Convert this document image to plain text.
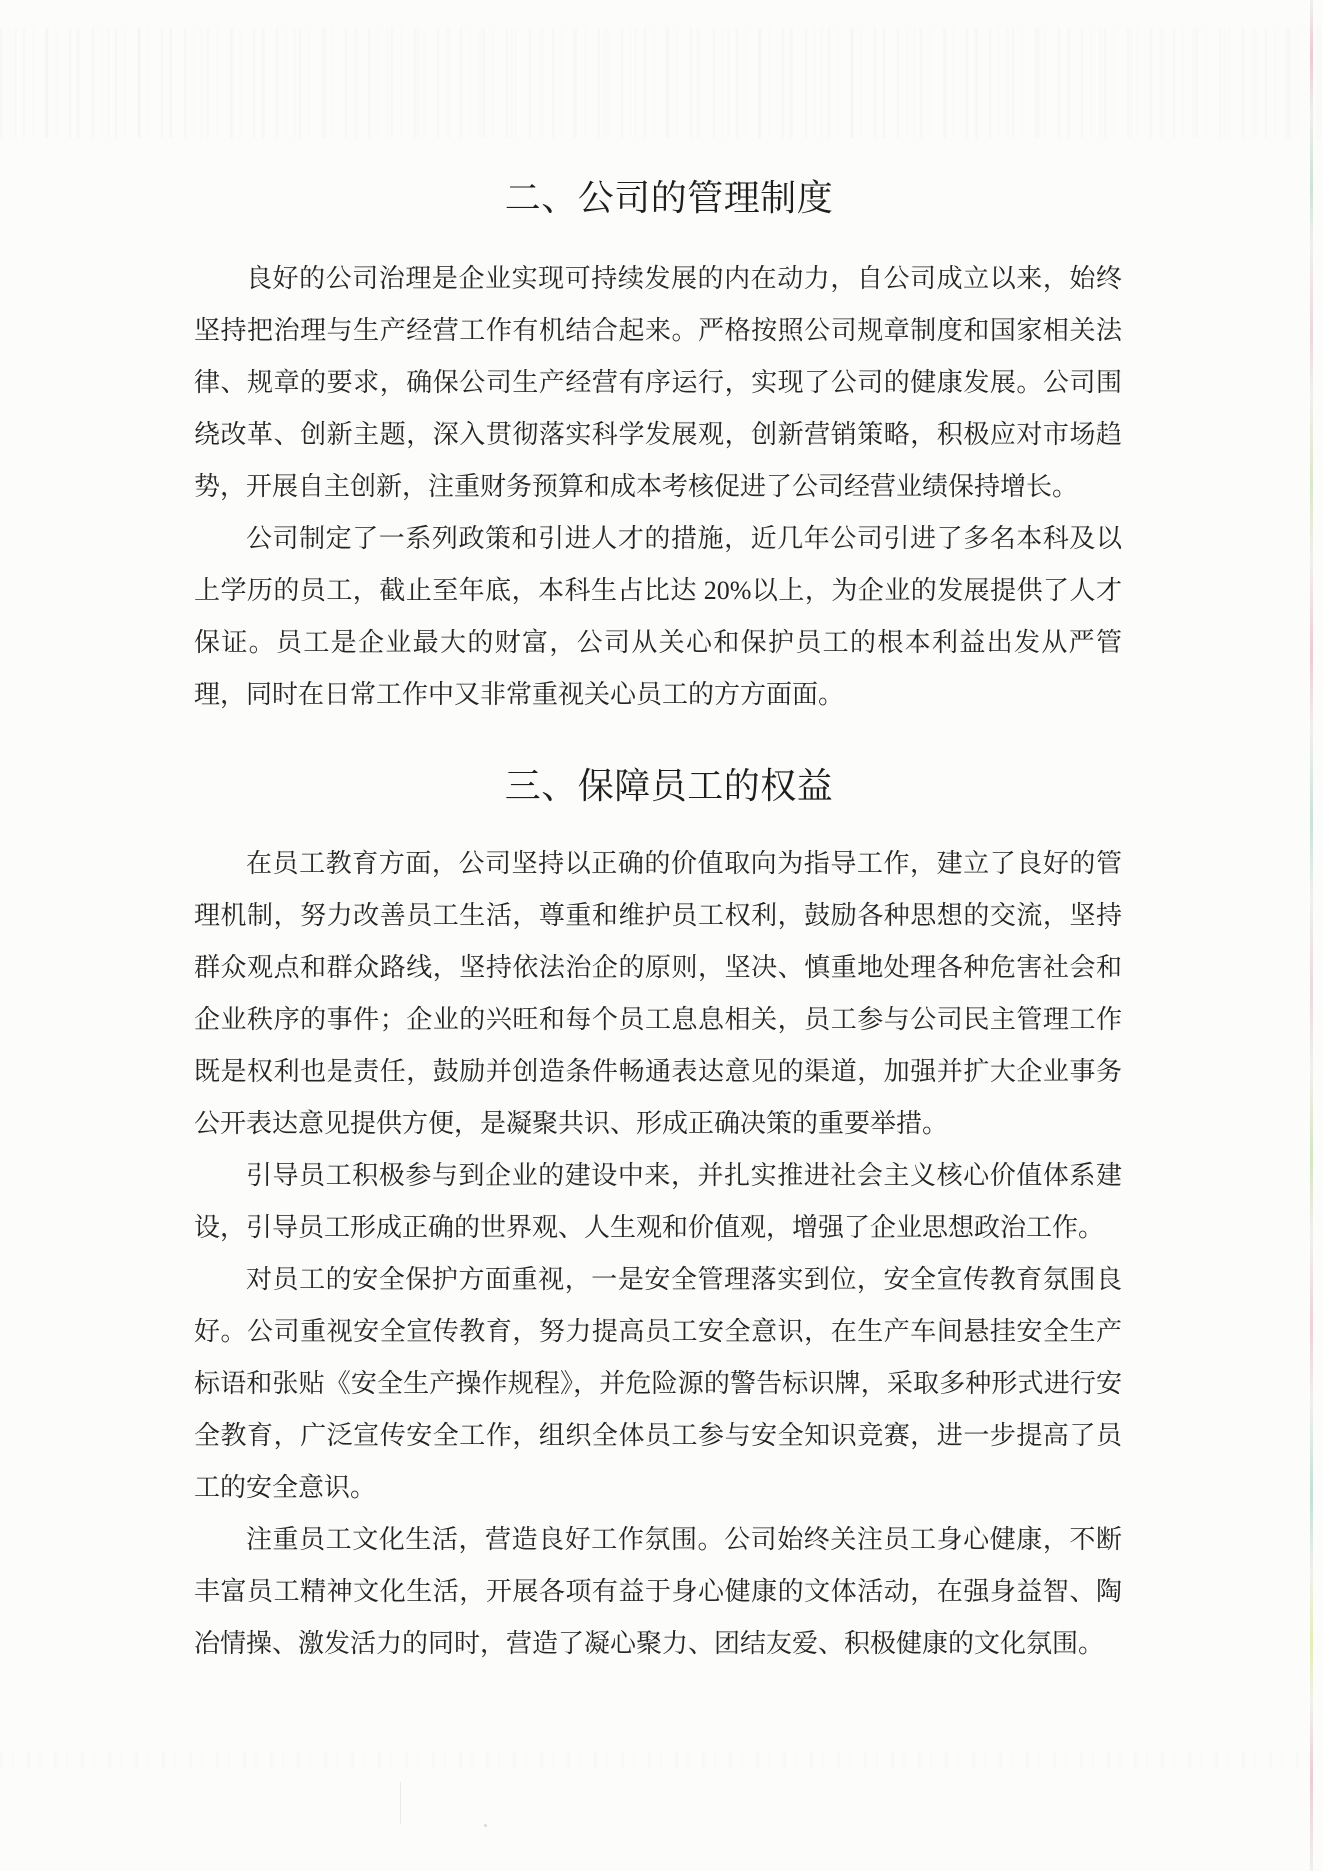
二、公司的管理制度

良好的公司治理是企业实现可持续发展的内在动力，自公司成立以来，始终坚持把治理与生产经营工作有机结合起来。严格按照公司规章制度和国家相关法律、规章的要求，确保公司生产经营有序运行，实现了公司的健康发展。公司围绕改革、创新主题，深入贯彻落实科学发展观，创新营销策略，积极应对市场趋势，开展自主创新，注重财务预算和成本考核促进了公司经营业绩保持增长。

公司制定了一系列政策和引进人才的措施，近几年公司引进了多名本科及以上学历的员工，截止至年底，本科生占比达 20%以上，为企业的发展提供了人才保证。员工是企业最大的财富，公司从关心和保护员工的根本利益出发从严管理，同时在日常工作中又非常重视关心员工的方方面面。

三、保障员工的权益

在员工教育方面，公司坚持以正确的价值取向为指导工作，建立了良好的管理机制，努力改善员工生活，尊重和维护员工权利，鼓励各种思想的交流，坚持群众观点和群众路线，坚持依法治企的原则，坚决、慎重地处理各种危害社会和企业秩序的事件；企业的兴旺和每个员工息息相关，员工参与公司民主管理工作既是权利也是责任，鼓励并创造条件畅通表达意见的渠道，加强并扩大企业事务公开表达意见提供方便，是凝聚共识、形成正确决策的重要举措。

引导员工积极参与到企业的建设中来，并扎实推进社会主义核心价值体系建设，引导员工形成正确的世界观、人生观和价值观，增强了企业思想政治工作。

对员工的安全保护方面重视，一是安全管理落实到位，安全宣传教育氛围良好。公司重视安全宣传教育，努力提高员工安全意识，在生产车间悬挂安全生产标语和张贴《安全生产操作规程》，并危险源的警告标识牌，采取多种形式进行安全教育，广泛宣传安全工作，组织全体员工参与安全知识竞赛，进一步提高了员工的安全意识。

注重员工文化生活，营造良好工作氛围。公司始终关注员工身心健康，不断丰富员工精神文化生活，开展各项有益于身心健康的文体活动，在强身益智、陶冶情操、激发活力的同时，营造了凝心聚力、团结友爱、积极健康的文化氛围。
